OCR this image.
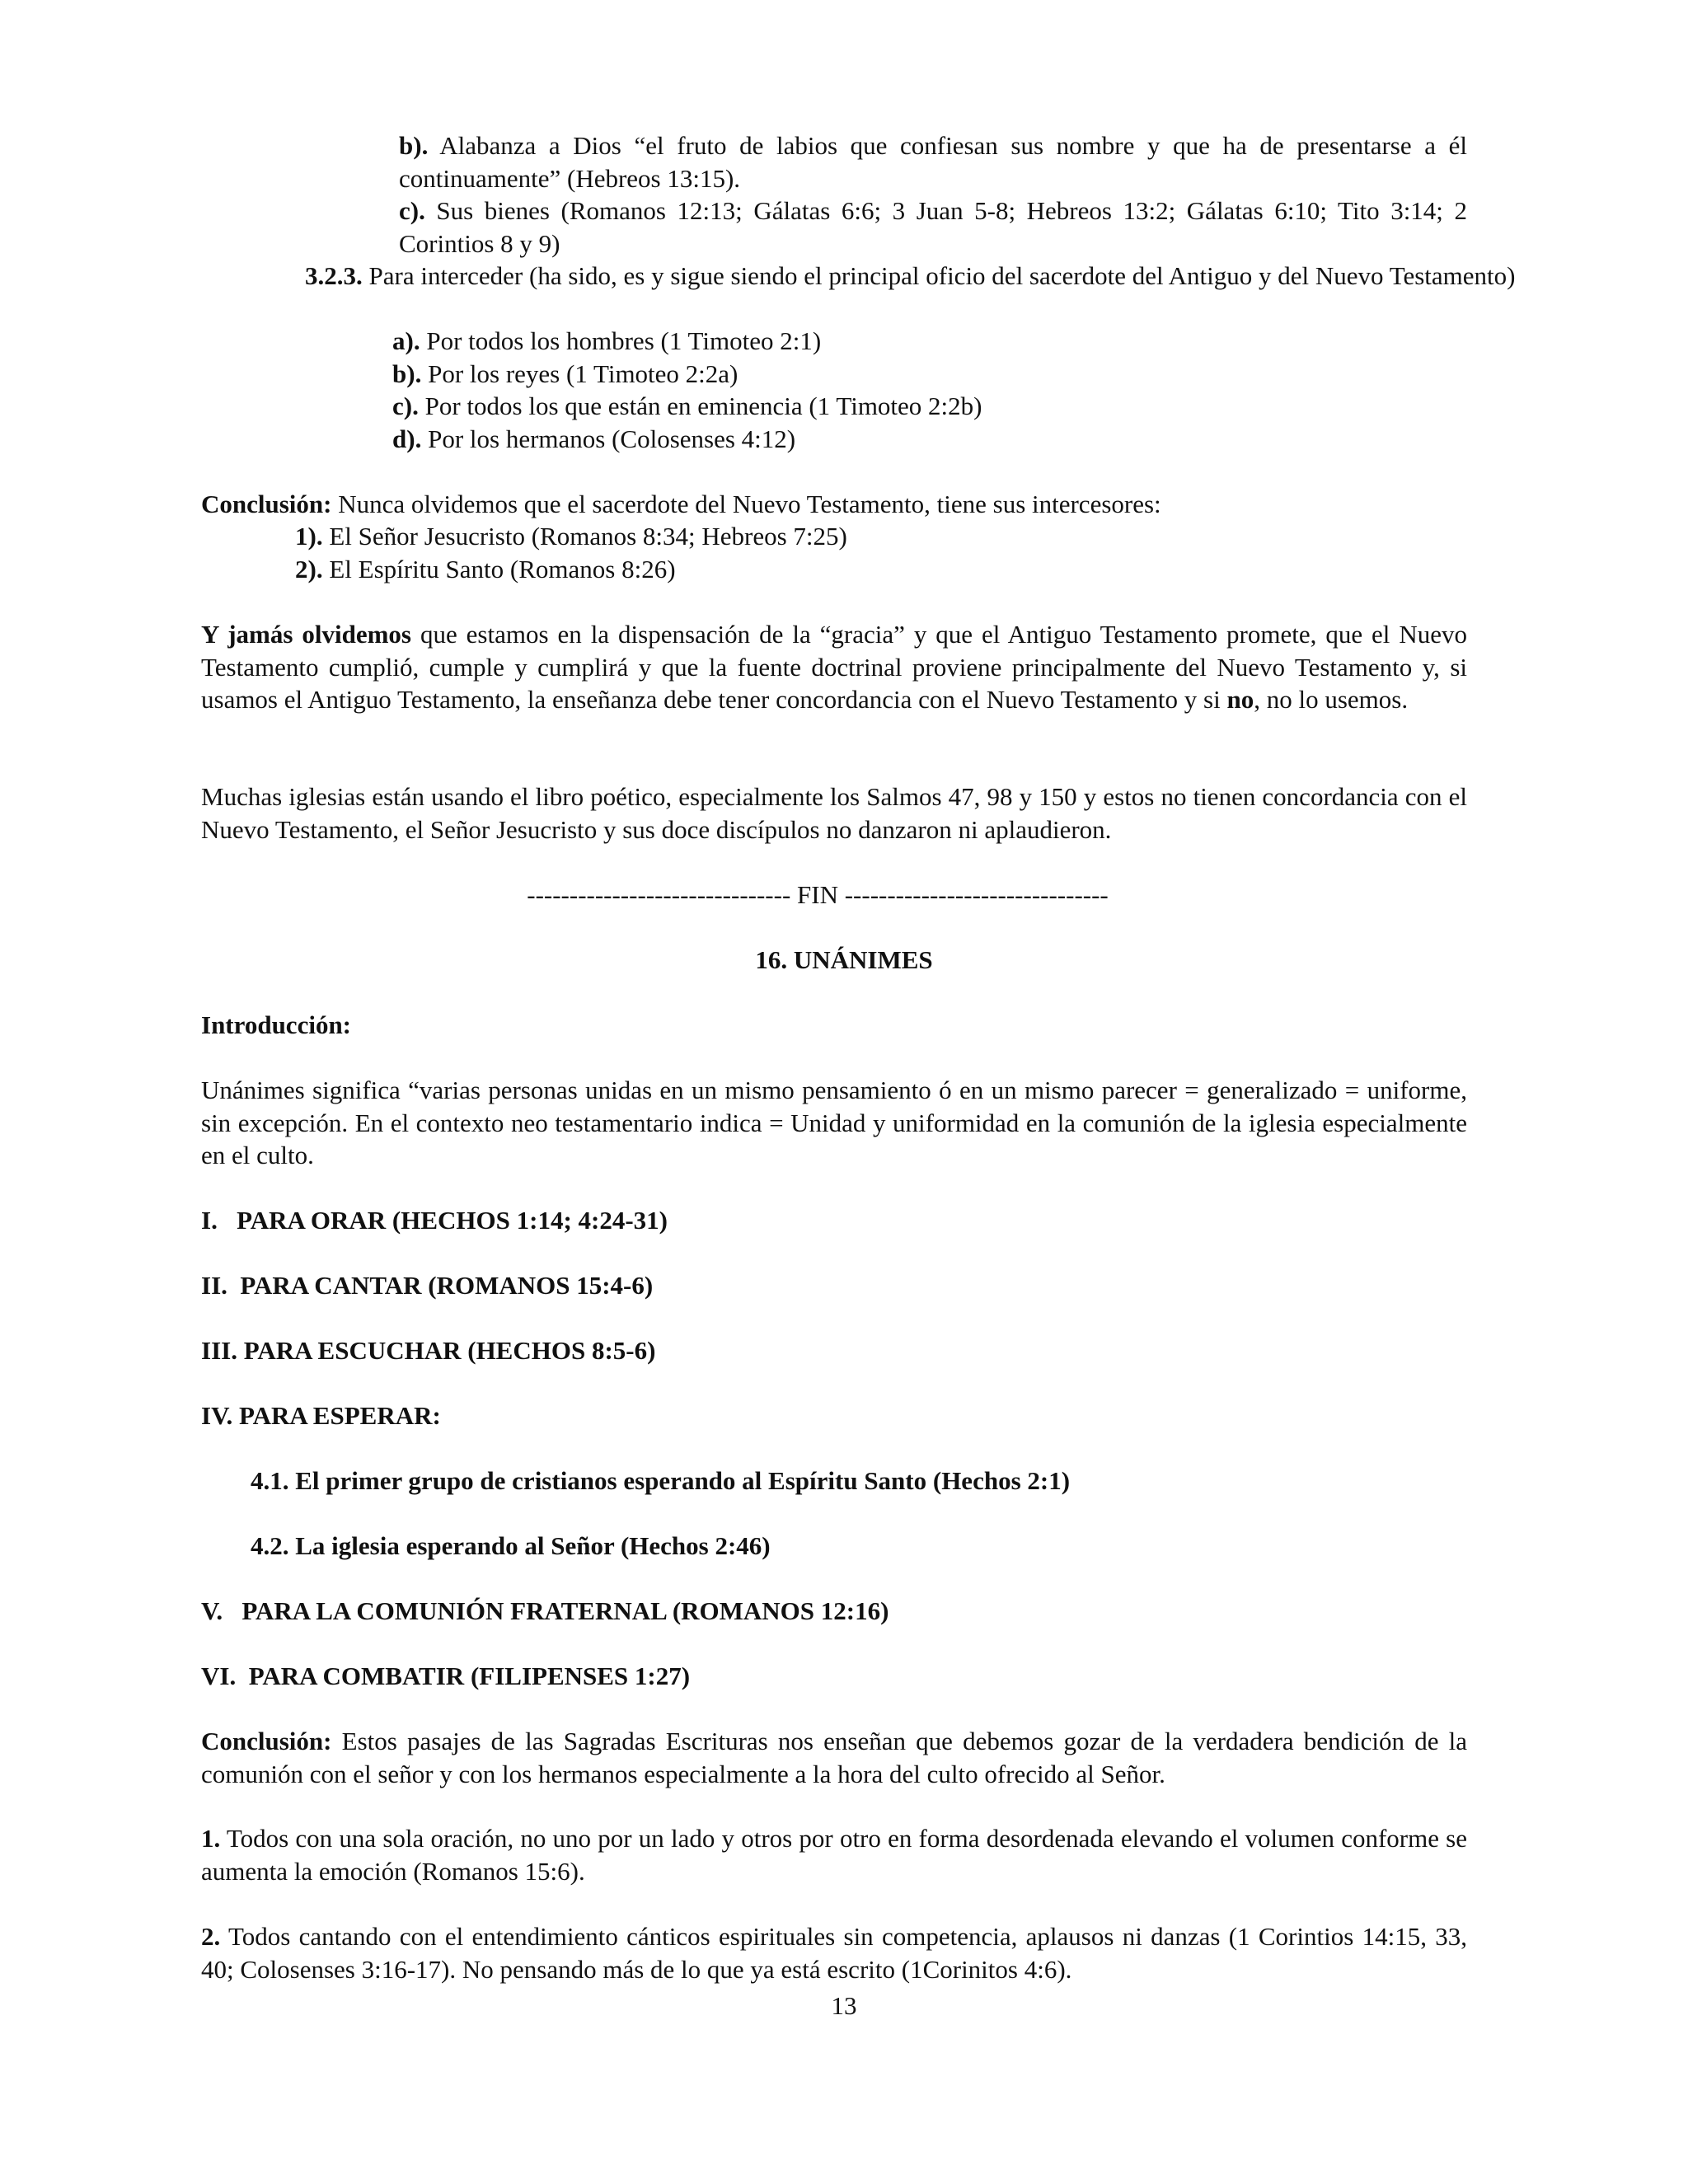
b). Alabanza a Dios “el fruto de labios que confiesan sus nombre y que ha de presentarse a él continuamente” (Hebreos 13:15).

c). Sus bienes (Romanos 12:13; Gálatas 6:6; 3 Juan 5-8; Hebreos 13:2; Gálatas 6:10; Tito 3:14; 2 Corintios 8 y 9)

3.2.3. Para interceder (ha sido, es y sigue siendo el principal oficio del sacerdote del Antiguo y del Nuevo Testamento)

a). Por todos los hombres (1 Timoteo 2:1)

b). Por los reyes (1 Timoteo 2:2a)

c). Por todos los que están en eminencia (1 Timoteo 2:2b)

d). Por los hermanos (Colosenses 4:12)

Conclusión: Nunca olvidemos que el sacerdote del Nuevo Testamento, tiene sus intercesores:

1). El Señor Jesucristo (Romanos 8:34; Hebreos 7:25)

2). El Espíritu Santo (Romanos 8:26)

Y jamás olvidemos que estamos en la dispensación de la “gracia” y que el Antiguo Testamento promete, que el Nuevo Testamento cumplió, cumple y cumplirá y que la fuente doctrinal proviene principalmente del Nuevo Testamento y, si usamos el Antiguo Testamento, la enseñanza debe tener concordancia con el Nuevo Testamento y si no, no lo usemos.

Muchas iglesias están usando el libro poético, especialmente los Salmos 47, 98 y 150 y estos no tienen concordancia con el Nuevo Testamento, el Señor Jesucristo y sus doce discípulos no danzaron ni aplaudieron.

------------------------------- FIN -------------------------------

16. UNÁNIMES

Introducción:

Unánimes significa “varias personas unidas en un mismo pensamiento ó en un mismo parecer = generalizado = uniforme, sin excepción. En el contexto neo testamentario indica = Unidad y uniformidad en la comunión de la iglesia especialmente en el culto.

I.   PARA ORAR (HECHOS 1:14; 4:24-31)

II.  PARA CANTAR (ROMANOS 15:4-6)

III. PARA ESCUCHAR (HECHOS 8:5-6)

IV. PARA ESPERAR:

4.1. El primer grupo de cristianos esperando al Espíritu Santo (Hechos 2:1)

4.2. La iglesia esperando al Señor (Hechos 2:46)

V.   PARA LA COMUNIÓN FRATERNAL (ROMANOS 12:16)

VI.  PARA COMBATIR (FILIPENSES 1:27)

Conclusión: Estos pasajes de las Sagradas Escrituras nos enseñan que debemos gozar de la verdadera bendición de la comunión con el señor y con los hermanos especialmente a la hora del culto ofrecido al Señor.

1. Todos con una sola oración, no uno por un lado y otros por otro en forma desordenada elevando el volumen conforme se aumenta la emoción (Romanos 15:6).

2. Todos cantando con el entendimiento cánticos espirituales sin competencia, aplausos ni danzas (1 Corintios 14:15, 33, 40; Colosenses 3:16-17). No pensando más de lo que ya está escrito (1Corinitos 4:6).

13
